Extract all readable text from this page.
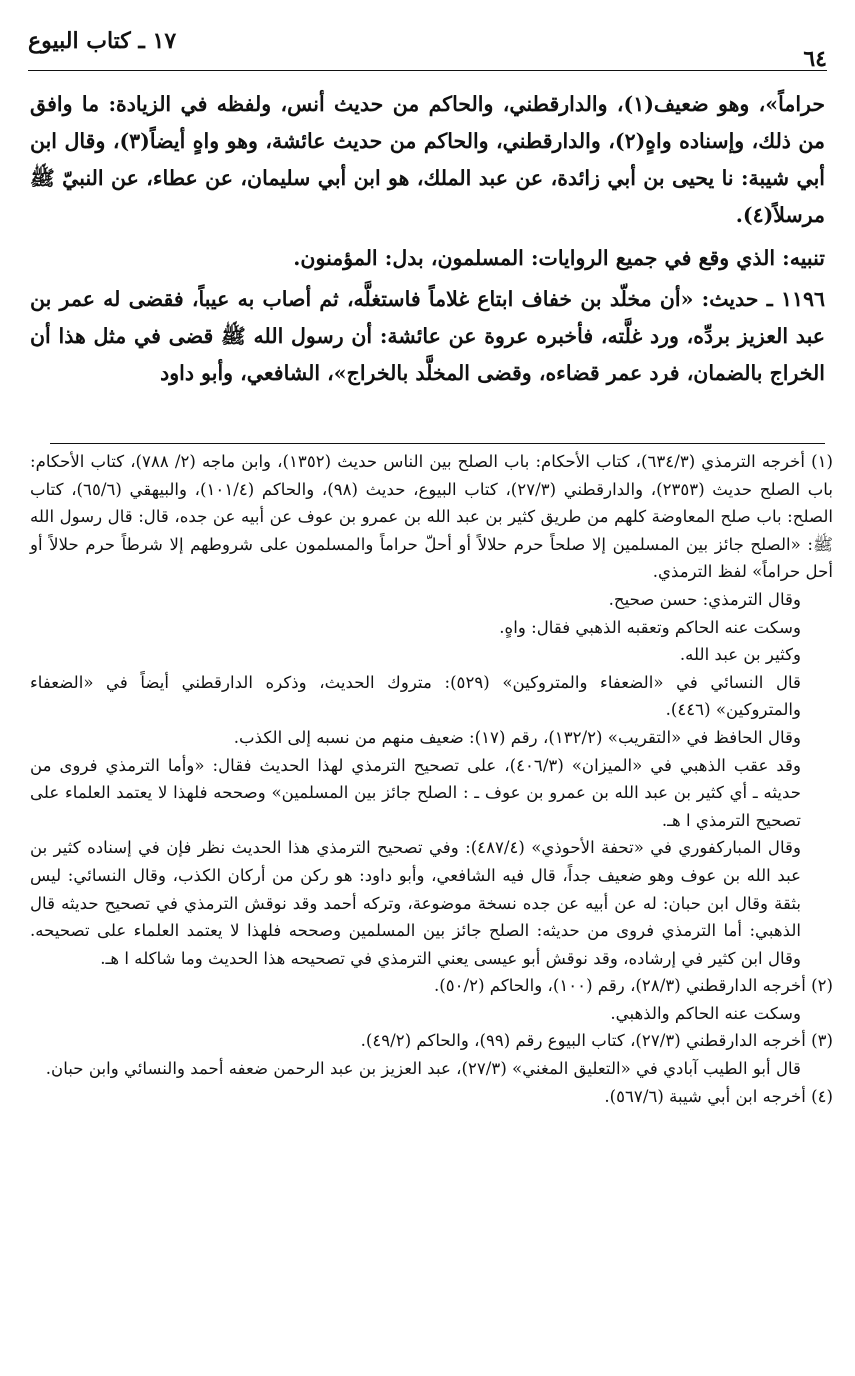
١٧ ـ كتاب البيوع
٦٤

حراماً»، وهو ضعيف(١)، والدارقطني، والحاكم من حديث أنس، ولفظه في الزيادة: ما وافق من ذلك، وإسناده واهٍ(٢)، والدارقطني، والحاكم من حديث عائشة، وهو واهٍ أيضاً(٣)، وقال ابن أبي شيبة: نا يحيى بن أبي زائدة، عن عبد الملك، هو ابن أبي سليمان، عن عطاء، عن النبيّ ﷺ مرسلاً(٤).

تنبيه: الذي وقع في جميع الروايات: المسلمون، بدل: المؤمنون.

١١٩٦ ـ حديث: «أن مخلّد بن خفاف ابتاع غلاماً فاستغلَّه، ثم أصاب به عيباً، فقضى له عمر بن عبد العزيز بردِّه، ورد غلَّته، فأخبره عروة عن عائشة: أن رسول الله ﷺ قضى في مثل هذا أن الخراج بالضمان، فرد عمر قضاءه، وقضى المخلَّد بالخراج»، الشافعي، وأبو داود

(١) أخرجه الترمذي (٦٣٤/٣)، كتاب الأحكام: باب الصلح بين الناس حديث (١٣٥٢)، وابن ماجه (٢/ ٧٨٨)، كتاب الأحكام: باب الصلح حديث (٢٣٥٣)، والدارقطني (٢٧/٣)، كتاب البيوع، حديث (٩٨)، والحاكم (١٠١/٤)، والبيهقي (٦٥/٦)، كتاب الصلح: باب صلح المعاوضة كلهم من طريق كثير بن عبد الله بن عمرو بن عوف عن أبيه عن جده، قال: قال رسول الله ﷺ: «الصلح جائز بين المسلمين إلا صلحاً حرم حلالاً أو أحلّ حراماً والمسلمون على شروطهم إلا شرطاً حرم حلالاً أو أحل حراماً» لفظ الترمذي.

وقال الترمذي: حسن صحيح.

وسكت عنه الحاكم وتعقبه الذهبي فقال: واهٍ.

وكثير بن عبد الله.

قال النسائي في «الضعفاء والمتروكين» (٥٢٩): متروك الحديث، وذكره الدارقطني أيضاً في «الضعفاء والمتروكين» (٤٤٦).

وقال الحافظ في «التقريب» (١٣٢/٢)، رقم (١٧): ضعيف منهم من نسبه إلى الكذب.

وقد عقب الذهبي في «الميزان» (٤٠٦/٣)، على تصحيح الترمذي لهذا الحديث فقال: «وأما الترمذي فروى من حديثه ـ أي كثير بن عبد الله بن عمرو بن عوف ـ : الصلح جائز بين المسلمين» وصححه فلهذا لا يعتمد العلماء على تصحيح الترمذي ا هـ.

وقال المباركفوري في «تحفة الأحوذي» (٤٨٧/٤): وفي تصحيح الترمذي هذا الحديث نظر فإن في إسناده كثير بن عبد الله بن عوف وهو ضعيف جداً، قال فيه الشافعي، وأبو داود: هو ركن من أركان الكذب، وقال النسائي: ليس بثقة وقال ابن حبان: له عن أبيه عن جده نسخة موضوعة، وتركه أحمد وقد نوقش الترمذي في تصحيح حديثه قال الذهبي: أما الترمذي فروى من حديثه: الصلح جائز بين المسلمين وصححه فلهذا لا يعتمد العلماء على تصحيحه. وقال ابن كثير في إرشاده، وقد نوقش أبو عيسى يعني الترمذي في تصحيحه هذا الحديث وما شاكله ا هـ.

(٢) أخرجه الدارقطني (٢٨/٣)، رقم (١٠٠)، والحاكم (٥٠/٢).

وسكت عنه الحاكم والذهبي.

(٣) أخرجه الدارقطني (٢٧/٣)، كتاب البيوع رقم (٩٩)، والحاكم (٤٩/٢).

قال أبو الطيب آبادي في «التعليق المغني» (٢٧/٣)، عبد العزيز بن عبد الرحمن ضعفه أحمد والنسائي وابن حبان.

(٤) أخرجه ابن أبي شيبة (٥٦٧/٦).
